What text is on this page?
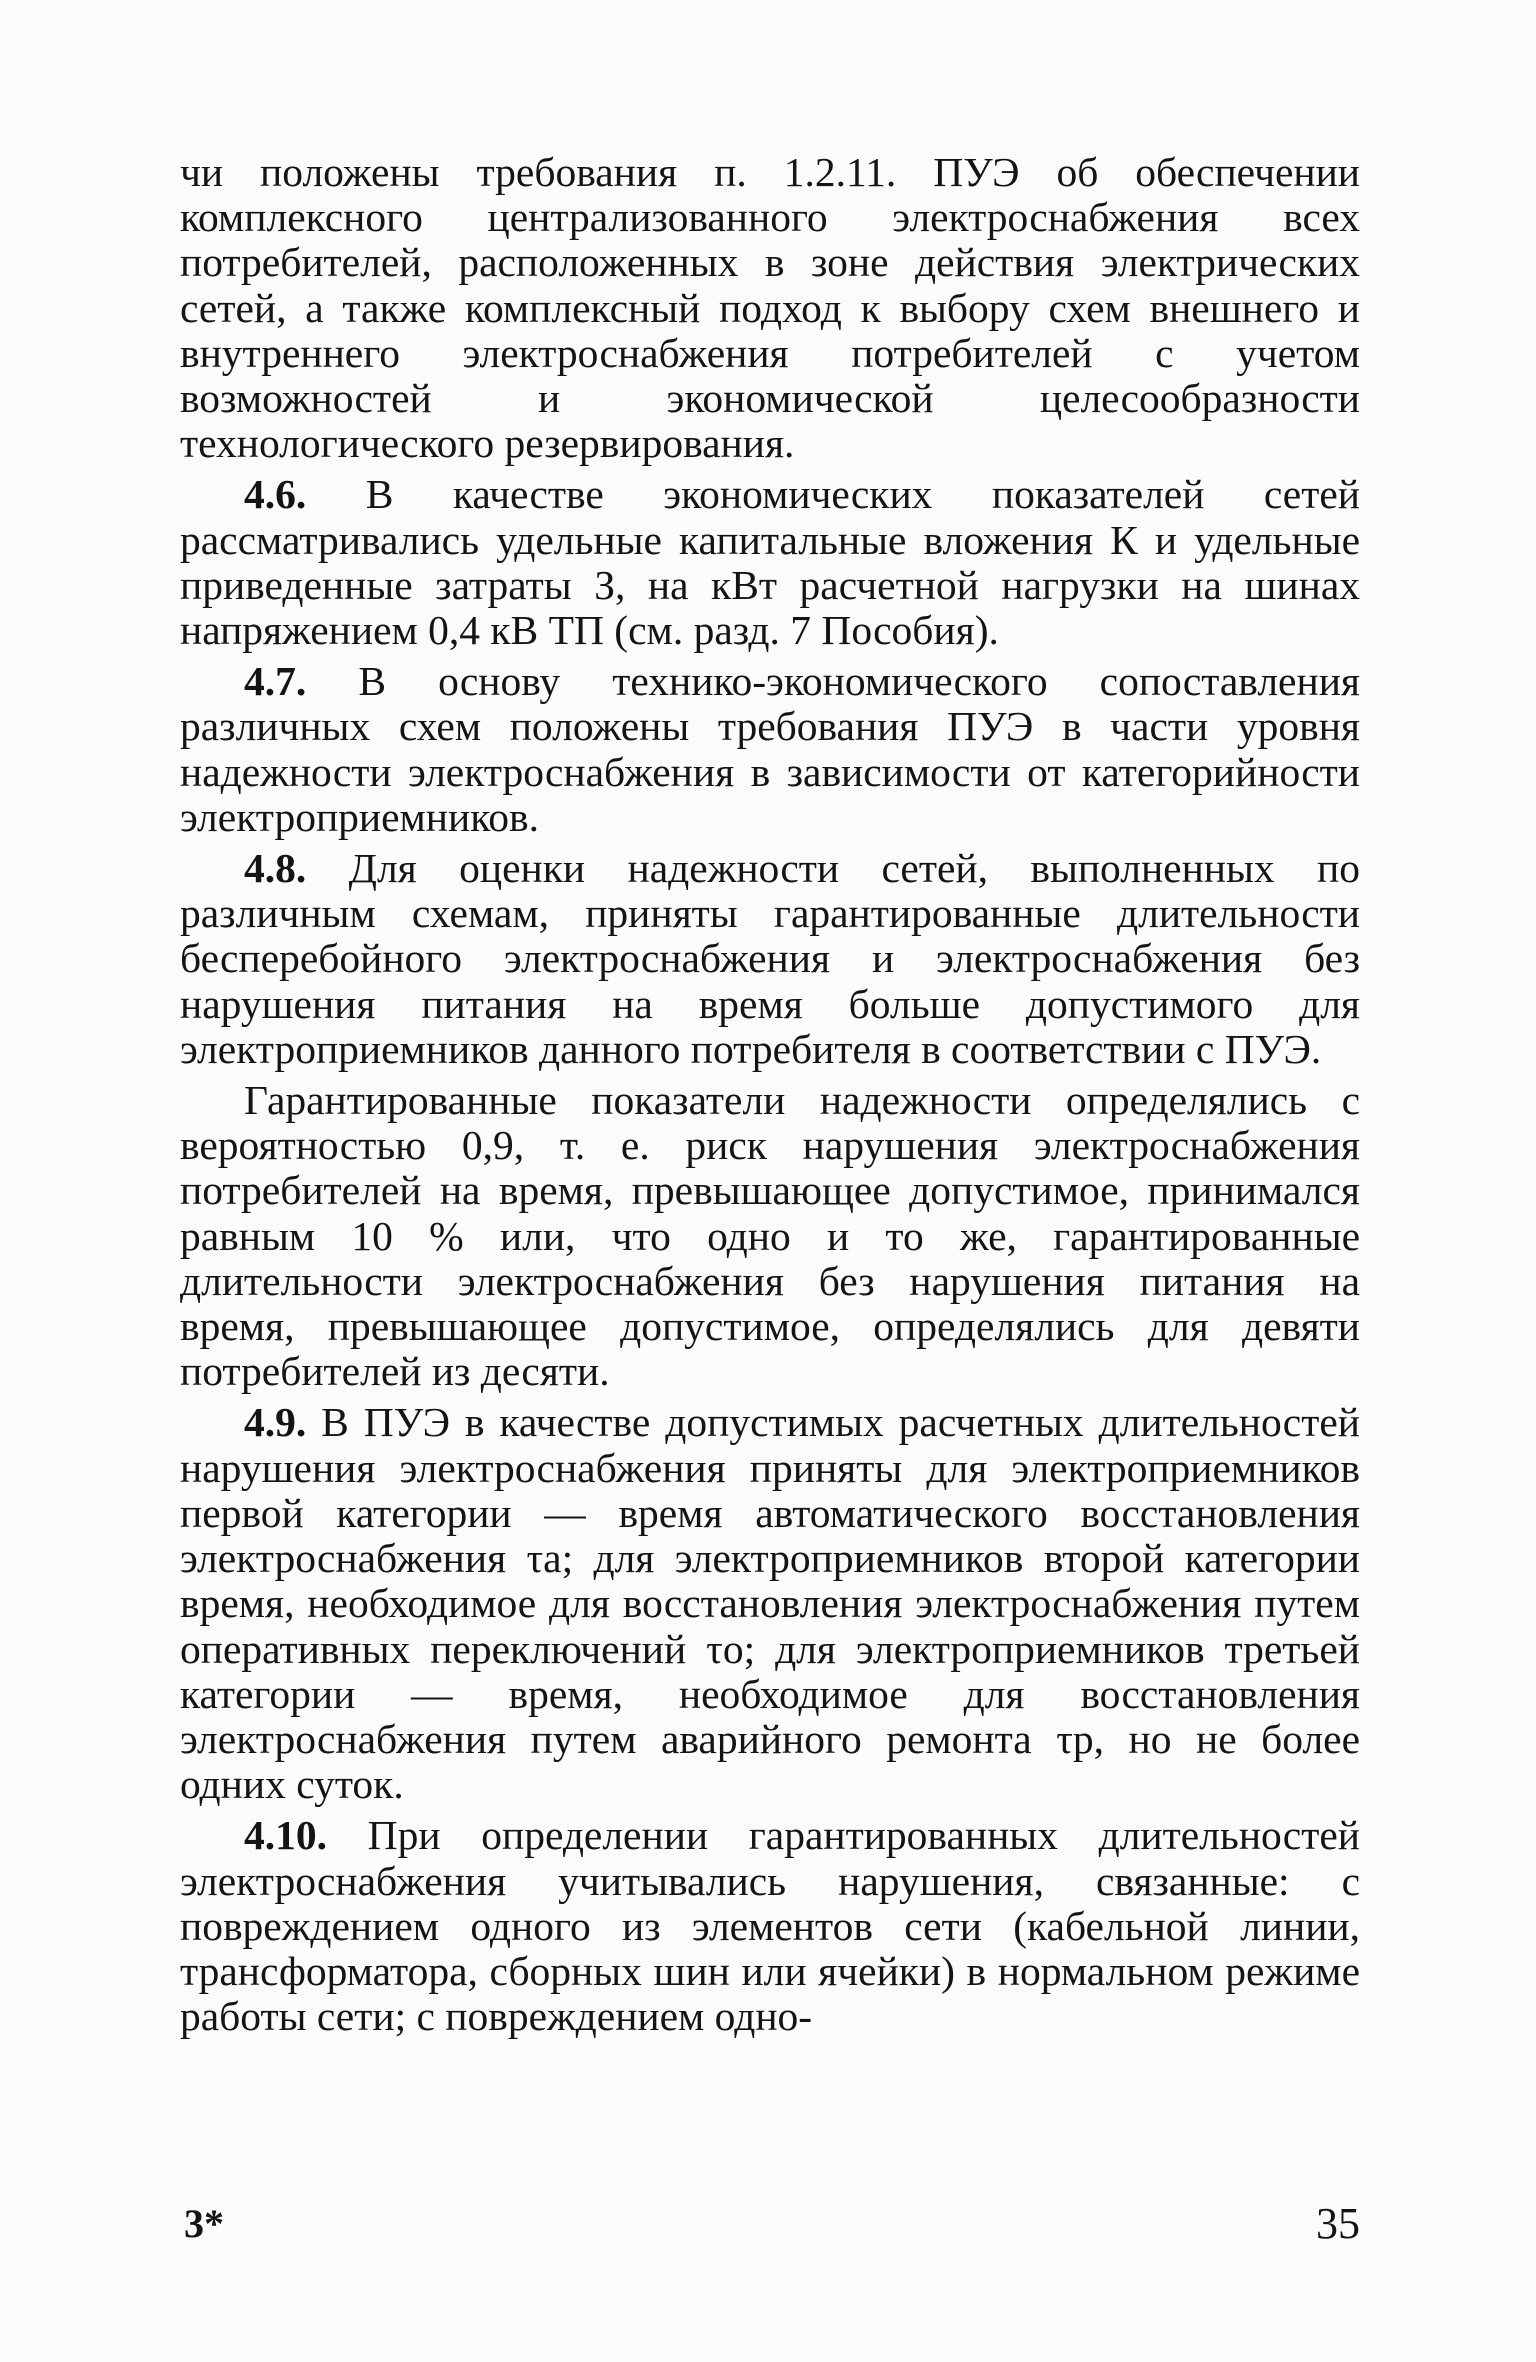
чи положены требования п. 1.2.11. ПУЭ об обеспечении комплексного централизованного электроснабжения всех потребителей, расположенных в зоне действия электрических сетей, а также комплексный подход к выбору схем внешнего и внутреннего электроснабжения потребителей с учетом возможностей и экономической целесообразности технологического резервирования.

4.6. В качестве экономических показателей сетей рассматривались удельные капитальные вложения К и удельные приведенные затраты З, на кВт расчетной нагрузки на шинах напряжением 0,4 кВ ТП (см. разд. 7 Пособия).

4.7. В основу технико-экономического сопоставления различных схем положены требования ПУЭ в части уровня надежности электроснабжения в зависимости от категорийности электроприемников.

4.8. Для оценки надежности сетей, выполненных по различным схемам, приняты гарантированные длительности бесперебойного электроснабжения и электроснабжения без нарушения питания на время больше допустимого для электроприемников данного потребителя в соответствии с ПУЭ.

Гарантированные показатели надежности определялись с вероятностью 0,9, т. е. риск нарушения электроснабжения потребителей на время, превышающее допустимое, принимался равным 10 % или, что одно и то же, гарантированные длительности электроснабжения без нарушения питания на время, превышающее допустимое, определялись для девяти потребителей из десяти.

4.9. В ПУЭ в качестве допустимых расчетных длительностей нарушения электроснабжения приняты для электроприемников первой категории — время автоматического восстановления электроснабжения τа; для электроприемников второй категории время, необходимое для восстановления электроснабжения путем оперативных переключений τо; для электроприемников третьей категории — время, необходимое для восстановления электроснабжения путем аварийного ремонта τр, но не более одних суток.

4.10. При определении гарантированных длительностей электроснабжения учитывались нарушения, связанные: с повреждением одного из элементов сети (кабельной линии, трансформатора, сборных шин или ячейки) в нормальном режиме работы сети; с повреждением одно-

3*	35
